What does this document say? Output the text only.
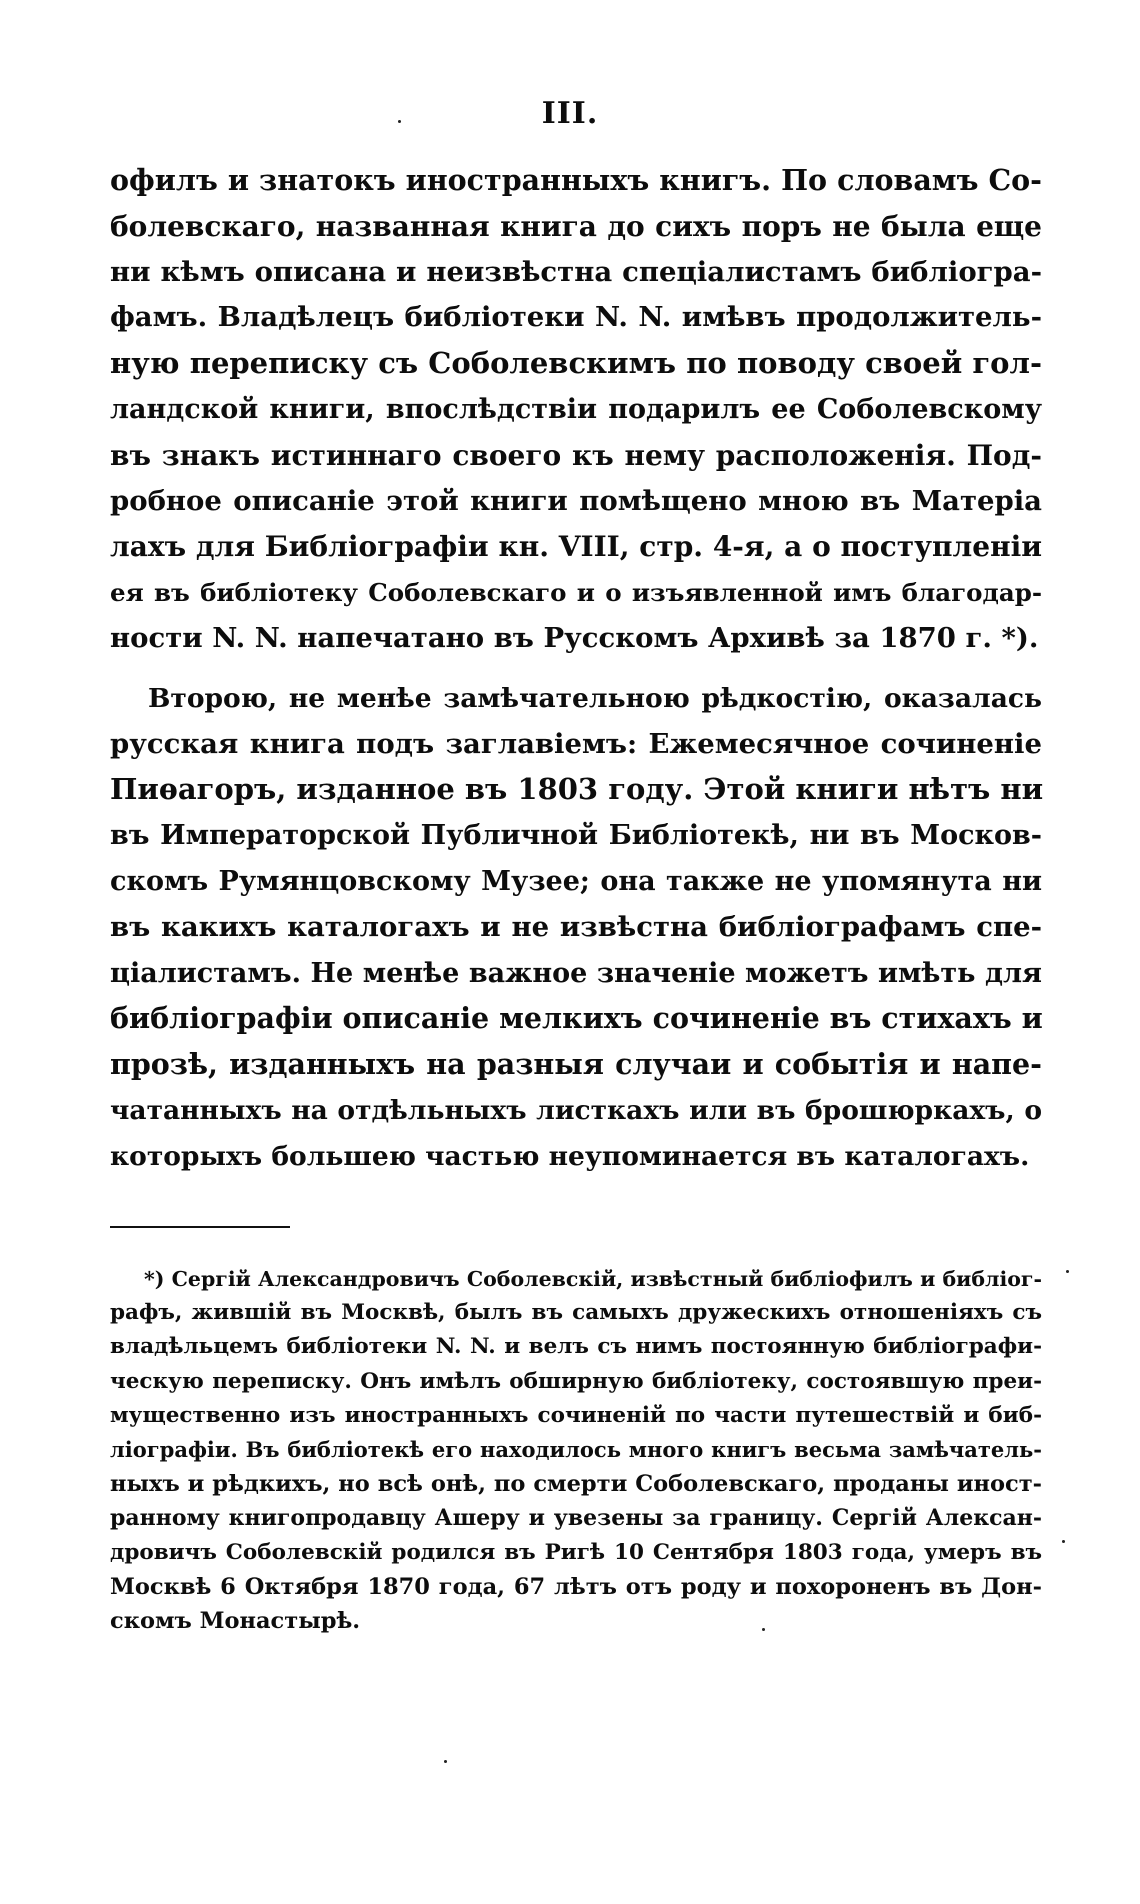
III.
офилъ и знатокъ иностранныхъ книгъ. По словамъ Со-
болевскаго, названная книга до сихъ поръ не была еще
ни кѣмъ описана и неизвѣстна спеціалистамъ библіогра-
фамъ. Владѣлецъ библіотеки N. N. имѣвъ продолжитель-
ную переписку съ Соболевскимъ по поводу своей гол-
ландской книги, впослѣдствіи подарилъ ее Соболевскому
въ знакъ истиннаго своего къ нему расположенія. Под-
робное описаніе этой книги помѣщено мною въ Матеріа
лахъ для Библіографіи кн. VIII, стр. 4-я, а о поступленіи
ея въ библіотеку Соболевскаго и о изъявленной имъ благодар-
ности N. N. напечатано въ Русскомъ Архивѣ за 1870 г. *).
Второю, не менѣе замѣчательною рѣдкостію, оказалась
русская книга подъ заглавіемъ: Ежемесячное сочиненіе
Пиѳагоръ, изданное въ 1803 году. Этой книги нѣтъ ни
въ Императорской Публичной Библіотекѣ, ни въ Москов-
скомъ Румянцовскому Музее; она также не упомянута ни
въ какихъ каталогахъ и не извѣстна библіографамъ спе-
ціалистамъ. Не менѣе важное значеніе можетъ имѣть для
библіографіи описаніе мелкихъ сочиненіе въ стихахъ и
прозѣ, изданныхъ на разныя случаи и событія и напе-
чатанныхъ на отдѣльныхъ листкахъ или въ брошюркахъ, о
которыхъ большею частью неупоминается въ каталогахъ.
*) Сергій Александровичъ Соболевскій, извѣстный библіофилъ и библіог-
рафъ, жившій въ Москвѣ, былъ въ самыхъ дружескихъ отношеніяхъ съ
владѣльцемъ библіотеки N. N. и велъ съ нимъ постоянную библіографи-
ческую переписку. Онъ имѣлъ обширную библіотеку, состоявшую преи-
мущественно изъ иностранныхъ сочиненій по части путешествій и биб-
ліографіи. Въ библіотекѣ его находилось много книгъ весьма замѣчатель-
ныхъ и рѣдкихъ, но всѣ онѣ, по смерти Соболевскаго, проданы иност-
ранному книгопродавцу Ашеру и увезены за границу. Сергій Алексан-
дровичъ Соболевскій родился въ Ригѣ 10 Сентября 1803 года, умеръ въ
Москвѣ 6 Октября 1870 года, 67 лѣтъ отъ роду и похороненъ въ Дон-
скомъ Монастырѣ.
